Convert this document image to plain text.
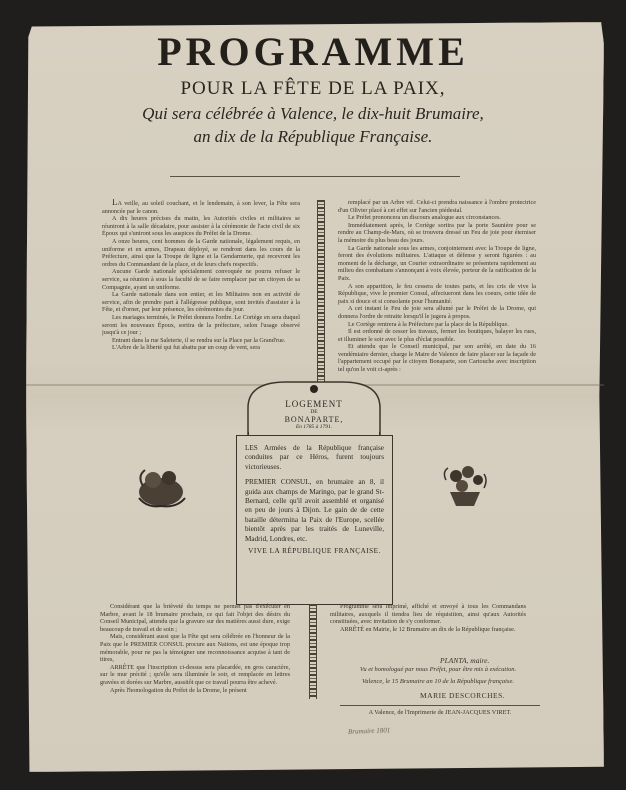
PROGRAMME
POUR LA FÊTE DE LA PAIX,
Qui sera célébrée à Valence, le dix-huit Brumaire,
an dix de la République Française.

LA veille, au soleil couchant, et le lendemain, à son lever, la Fête sera annoncée par le canon.

A dix heures précises du matin, les Autorités civiles et militaires se réuniront à la salle décadaire, pour assister à la cérémonie de l'acte civil de six Époux qui s'uniront sous les auspices du Préfet de la Drome.

A onze heures, cent hommes de la Garde nationale, légalement requis, en uniforme et en armes, Drapeau déployé, se rendront dans les cours de la Préfecture, ainsi que la Troupe de ligne et la Gendarmerie, qui recevront les ordres du Commandant de la place, et de leurs chefs respectifs.

Aucune Garde nationale spécialement convoquée ne pourra refuser le service, sa réunion à sous la faculté de se faire remplacer par un citoyen de sa Compagnie, ayant un uniforme.

La Garde nationale dans son entier, et les Militaires non en activité de service, afin de prendre part à l'allégresse publique, sont invités d'assister à la Fête, et d'orner, par leur présence, les cérémonies du jour.

Les mariages terminés, le Préfet donnera l'ordre. Le Cortège en sera duquel seront les nouveaux Époux, sortira de la préfecture, selon l'usage observé jusqu'à ce jour ;

Entrant dans la rue Saleterie, il se rendra sur la Place par la Grand'rue.

L'Arbre de la liberté qui fut abattu par un coup de vent, sera

remplacé par un Arbre vif. Celui-ci prendra naissance à l'ombre protectrice d'un Olivier placé à cet effet sur l'ancien piédestal.

Le Préfet prononcera un discours analogue aux circonstances.

Immédiatement après, le Cortège sortira par la porte Saunière pour se rendre au Champ-de-Mars, où se trouvera dressé un Feu de joie pour éterniser la mémoire du plus beau des jours.

La Garde nationale sous les armes, conjointement avec la Troupe de ligne, feront des évolutions militaires. L'attaque et défense y seront figurées : au moment de la décharge, un Courier extraordinaire se présentera rapidement au milieu des combattans s'annonçant à voix élevée, porteur de la ratification de la Paix.

A son apparition, le feu cessera de toutes parts, et les cris de vive la République, vive le premier Consul, affectueront dans les coeurs, cette idée de paix si douce et si consolante pour l'humanité.

A cet instant le Feu de joie sera allumé par le Préfet de la Drome, qui donnera l'ordre de retraite lorsqu'il le jugera à propos.

Le Cortège rentrera à la Préfecture par la place de la République.

Il est ordonné de cesser les travaux, fermer les boutiques, balayer les rues, et illuminer le soir avec le plus d'éclat possible.

Et attendu que le Conseil municipal, par son arrêté, en date du 16 vendémiaire dernier, charge le Maire de Valence de faire placer sur la façade de l'appartement occupé par le citoyen Bonaparte, son Cartouche avec inscription tel qu'on le voit ci-après :

LOGEMENT
DE
BONAPARTE,
En 1785 à 1791.

LES Armées de la République française conduites par ce Héros, furent toujours victorieuses.

PREMIER CONSUL, en brumaire an 8, il guida aux champs de Maringo, par le grand St-Bernard, celle qu'il avoit assemblé et organisé en peu de jours à Dijon. Le gain de de cette bataille détermina la Paix de l'Europe, scellée bientôt après par les traités de Luneville, Madrid, Londres, etc.

VIVE LA RÉPUBLIQUE FRANÇAISE.

Considérant que la brièveté du temps ne permet pas d'exécuter en Marbre, avant le 18 brumaire prochain, ce qui fait l'objet des désirs du Conseil Municipal, attendu que la gravure sur des matières aussi dure, exige beaucoup de travail et de soin ;

Mais, considérant aussi que la Fête qui sera célébrée en l'honneur de la Paix que le PREMIER CONSUL procure aux Nations, est une époque trop mémorable, pour ne pas la témoigner une reconnoissance acquise à tant de titres,

ARRÊTE que l'inscription ci-dessus sera placardée, en gros caractère, sur le mur précité ; qu'elle sera illuminée le soir, et remplacée en lettres gravées et dorées sur Marbre, aussitôt que ce travail pourra être achevé.

Après l'homologation du Préfet de la Drome, le présent

Programme sera imprimé, affiché et envoyé à tous les Commandans militaires, auxquels il tiendra lieu de réquisition, ainsi qu'aux Autorités constituées, avec invitation de s'y conformer.

ARRÊTÉ en Mairie, le 12 Brumaire an dix de la République française.

PLANTA, maire.
Vu et homologué par nous Préfet, pour être mis à exécution.
Valence, le 15 Brumaire an 10 de la République française.
MARIE DESCORCHES.
A Valence, de l'Imprimerie de JEAN-JACQUES VIRET.
Brumaire 1801
